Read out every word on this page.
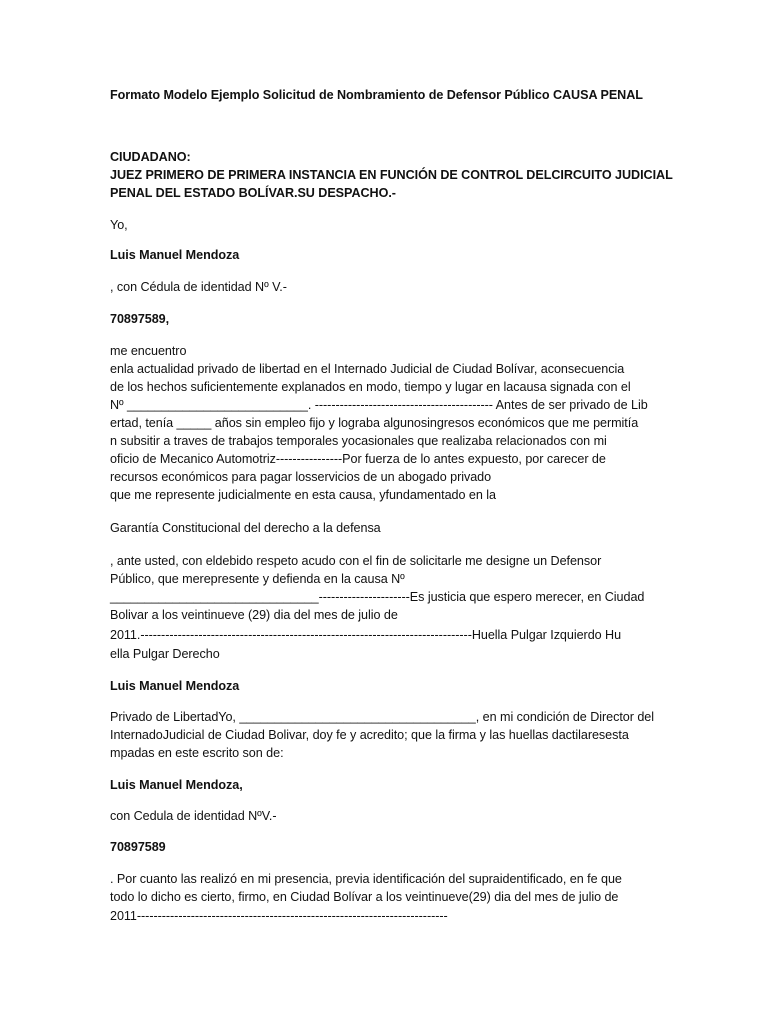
Formato Modelo Ejemplo Solicitud de Nombramiento de Defensor Público CAUSA PENAL

CIUDADANO:

JUEZ PRIMERO DE PRIMERA INSTANCIA EN FUNCIÓN DE CONTROL DELCIRCUITO JUDICIAL

PENAL DEL ESTADO BOLÍVAR.SU DESPACHO.-

Yo,

Luis Manuel Mendoza

, con Cédula de identidad Nº V.-

70897589,

me encuentro

enla actualidad privado de libertad en el Internado Judicial de Ciudad Bolívar, aconsecuencia

de los hechos suficientemente explanados en modo, tiempo y lugar en lacausa signada con el

Nº __________________________. ------------------------------------------- Antes de ser privado de Lib

ertad, tenía _____ años sin empleo fijo y lograba algunosingresos económicos que me permitía

n subsitir a traves de trabajos temporales yocasionales que realizaba relacionados con mi

oficio de Mecanico Automotriz----------------Por fuerza de lo antes expuesto, por carecer de

recursos económicos para pagar losservicios de un abogado privado

que me represente judicialmente en esta causa, yfundamentado en la

Garantía Constitucional del derecho a la defensa

, ante usted, con eldebido respeto acudo con el fin de solicitarle me designe un Defensor

Público, que merepresente y defienda en la causa Nº

______________________________----------------------Es justicia que espero merecer, en Ciudad

Bolivar a los veintinueve (29) dia del mes de julio de

2011.--------------------------------------------------------------------------------Huella Pulgar Izquierdo Hu

ella Pulgar Derecho

Luis Manuel Mendoza

Privado de LibertadYo, __________________________________, en mi condición de Director del

InternadoJudicial de Ciudad Bolivar, doy fe y acredito; que la firma y las huellas dactilaresesta

mpadas en este escrito son de:

Luis Manuel Mendoza,

con Cedula de identidad NºV.-

70897589

. Por cuanto las realizó en mi presencia, previa identificación del supraidentificado, en fe que

todo lo dicho es cierto, firmo, en Ciudad Bolívar a los veintinueve(29) dia del mes de julio de

2011---------------------------------------------------------------------------
